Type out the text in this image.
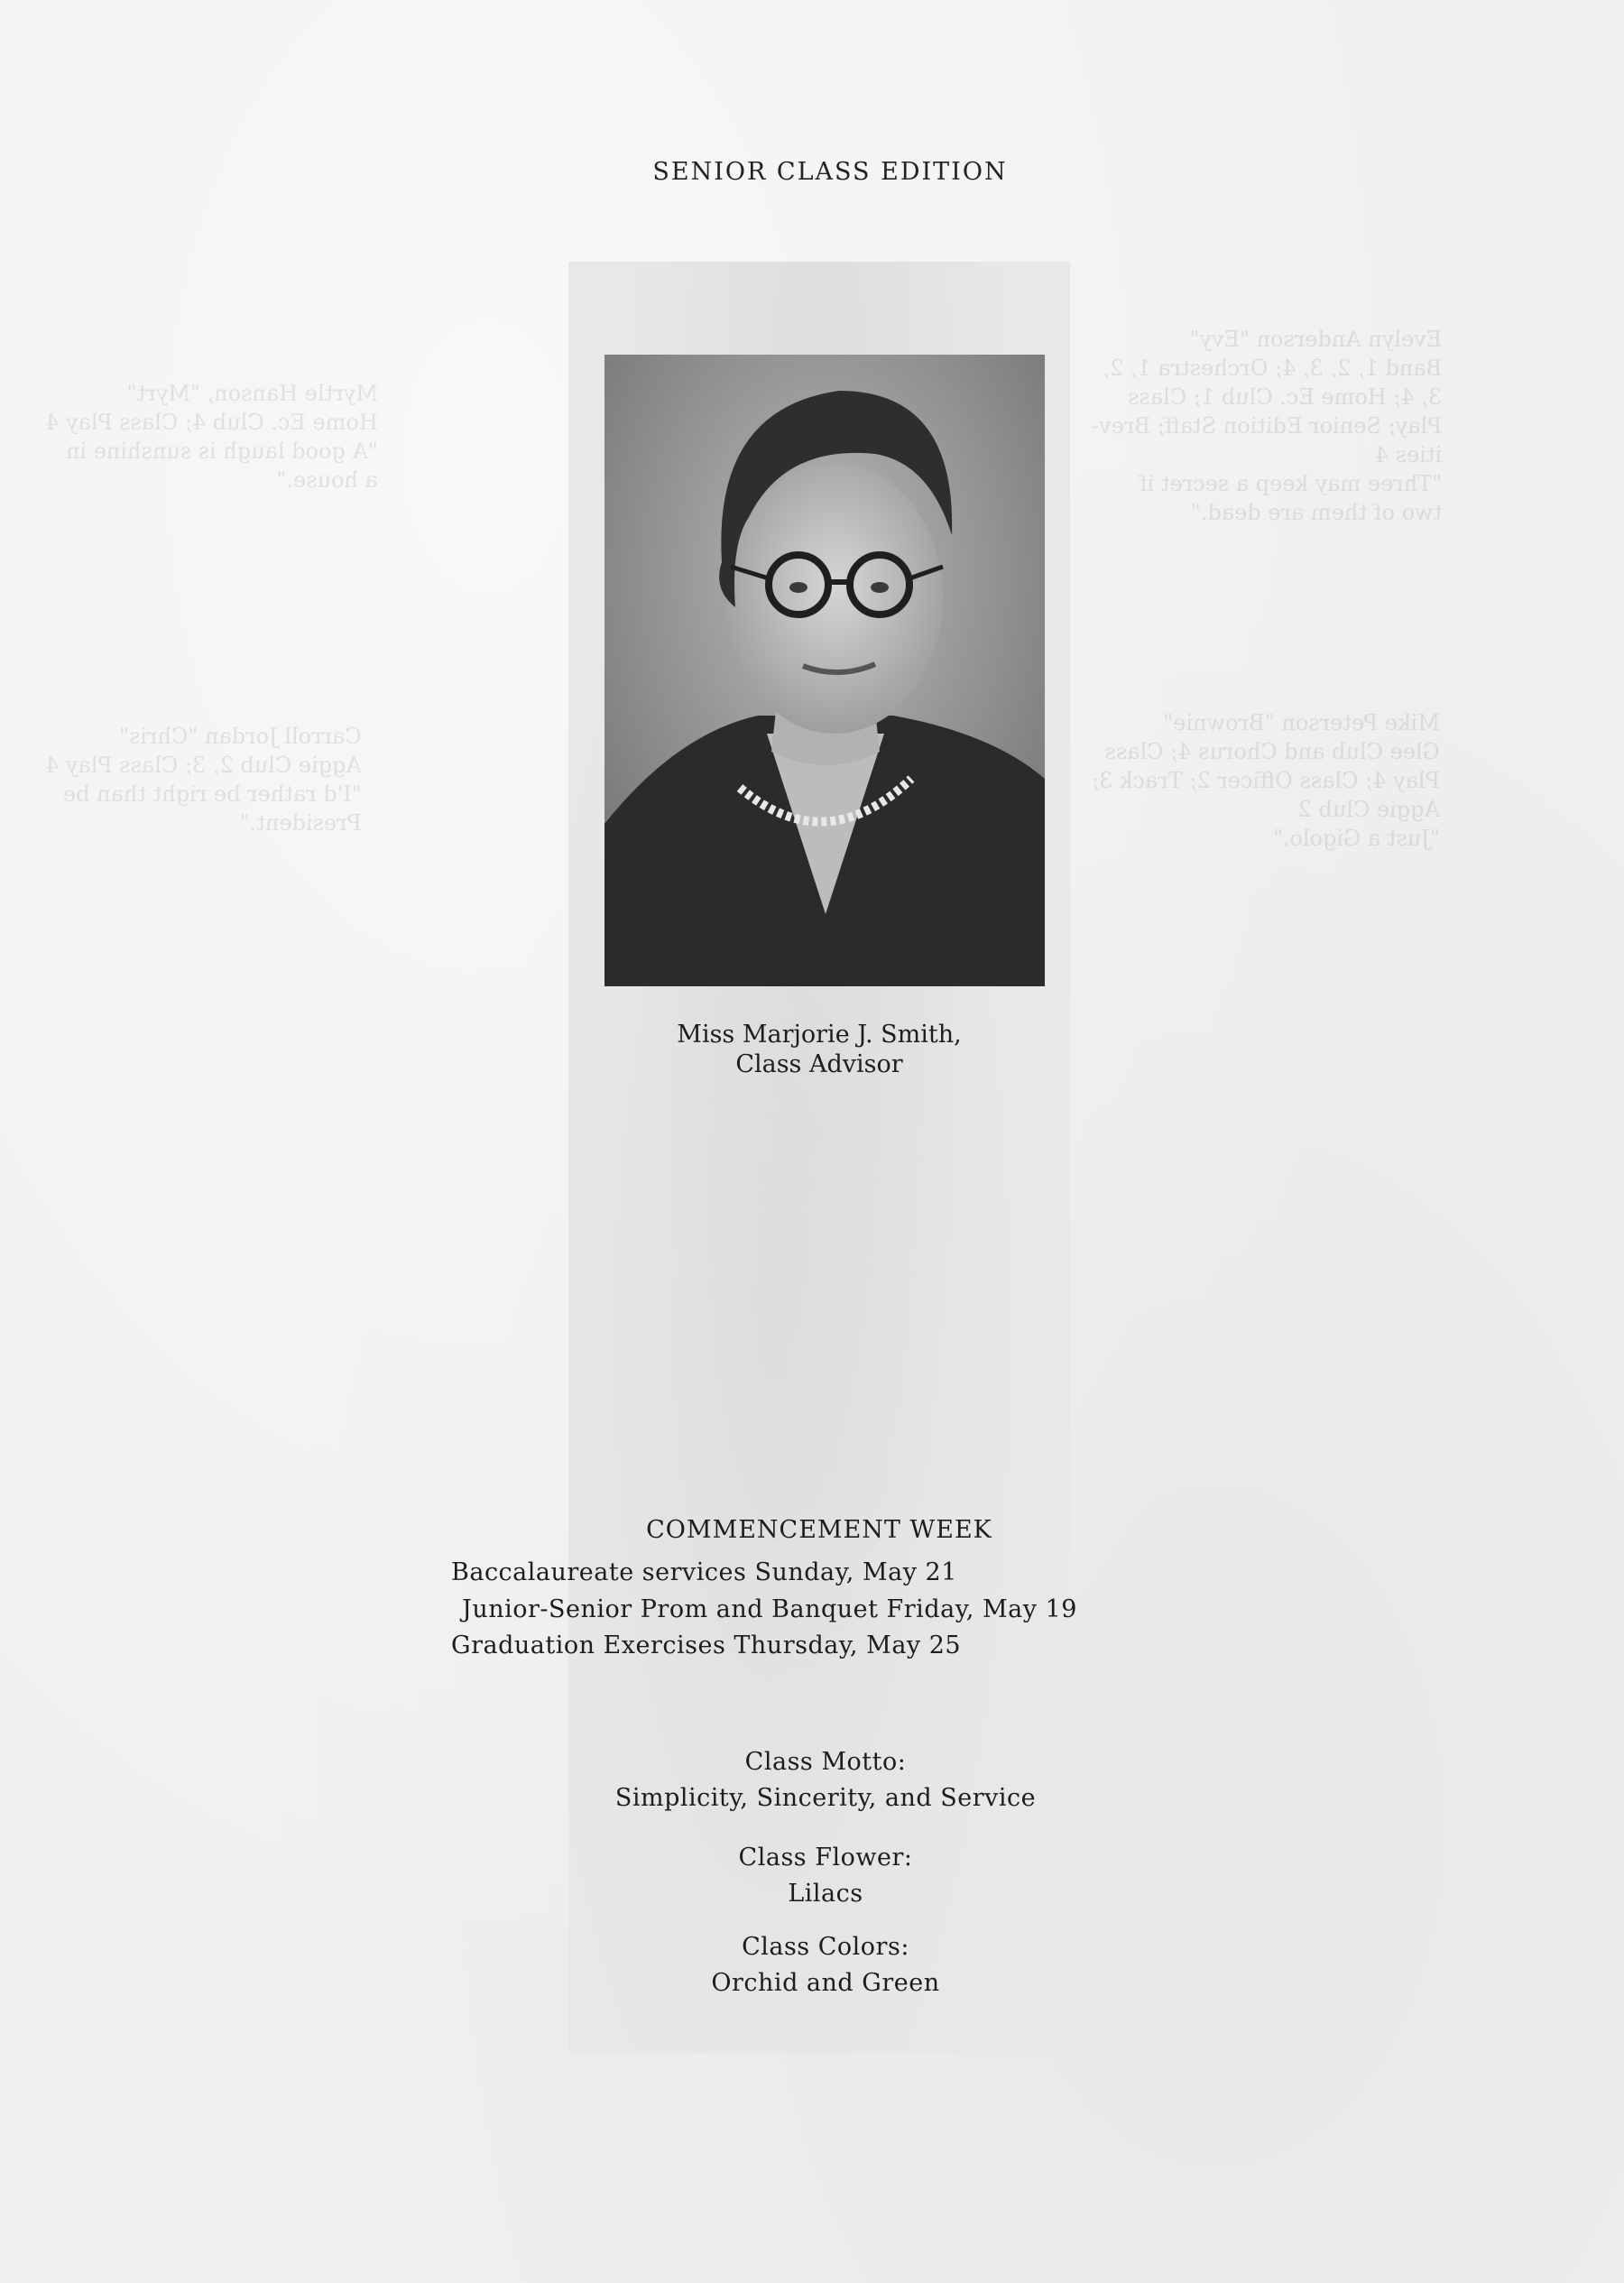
Myrtle Hanson, "Myrt"
Home Ec. Club 4; Class Play 4
"A good laugh is sunshine in
a house."
Carroll Jordan "Chris"
Aggie Club 2, 3; Class Play 4
"I'd rather be right than be
President."
Evelyn Anderson "Evy"
Band 1, 2, 3, 4; Orchestra 1, 2,
3, 4; Home Ec. Club 1; Class
Play; Senior Edition Staff; Brev-
ities 4
"Three may keep a secret if
two of them are dead."
Mike Peterson "Brownie"
Glee Club and Chorus 4; Class
Play 4; Class Officer 2; Track 3;
Aggie Club 2
"Just a Gigolo."
SENIOR CLASS EDITION
Miss Marjorie J. Smith,
Class Advisor
COMMENCEMENT WEEK
Baccalaureate services Sunday, May 21
Junior-Senior Prom and Banquet Friday, May 19
Graduation Exercises Thursday, May 25
Class Motto:
Simplicity, Sincerity, and Service
Class Flower:
Lilacs
Class Colors:
Orchid and Green
